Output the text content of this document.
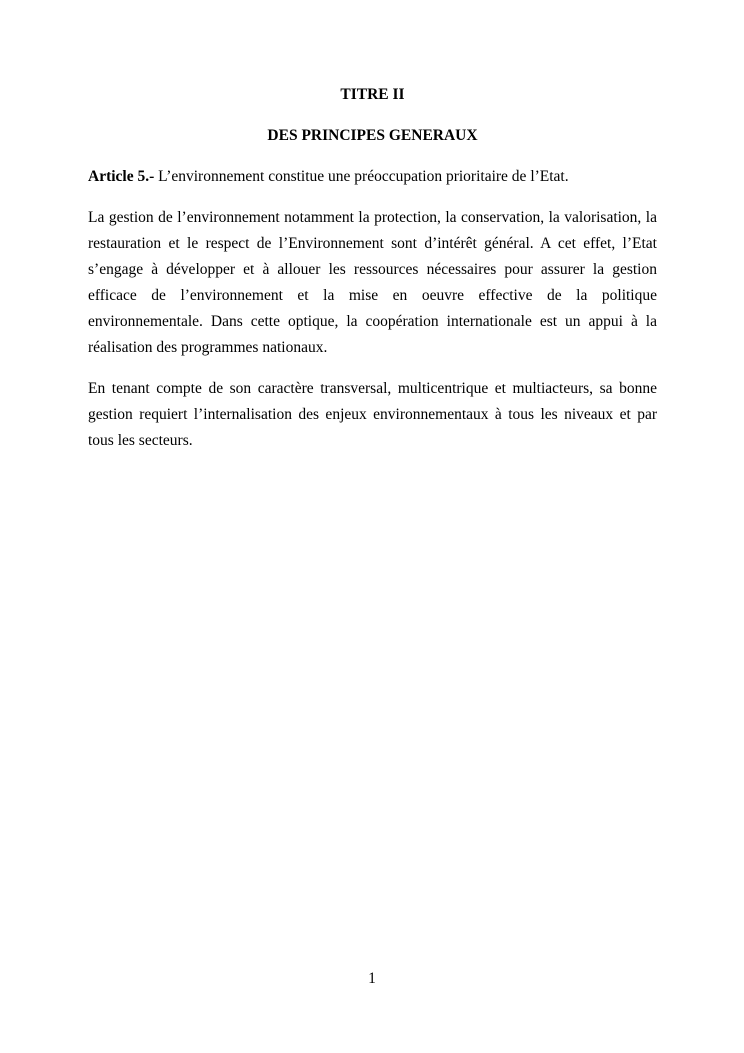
TITRE II
DES PRINCIPES GENERAUX

Article 5.- L’environnement constitue une préoccupation prioritaire de l’Etat.

La gestion de l’environnement notamment la protection, la conservation, la valorisation, la restauration et le respect de l’Environnement sont d’intérêt général. A cet effet, l’Etat s’engage à développer et à allouer les ressources nécessaires pour assurer la gestion efficace de l’environnement et la mise en oeuvre effective de la politique environnementale. Dans cette optique, la coopération internationale est un appui à la réalisation des programmes nationaux.

En tenant compte de son caractère transversal, multicentrique et multiacteurs, sa bonne gestion requiert l’internalisation des enjeux environnementaux à tous les niveaux et par tous les secteurs.

1
